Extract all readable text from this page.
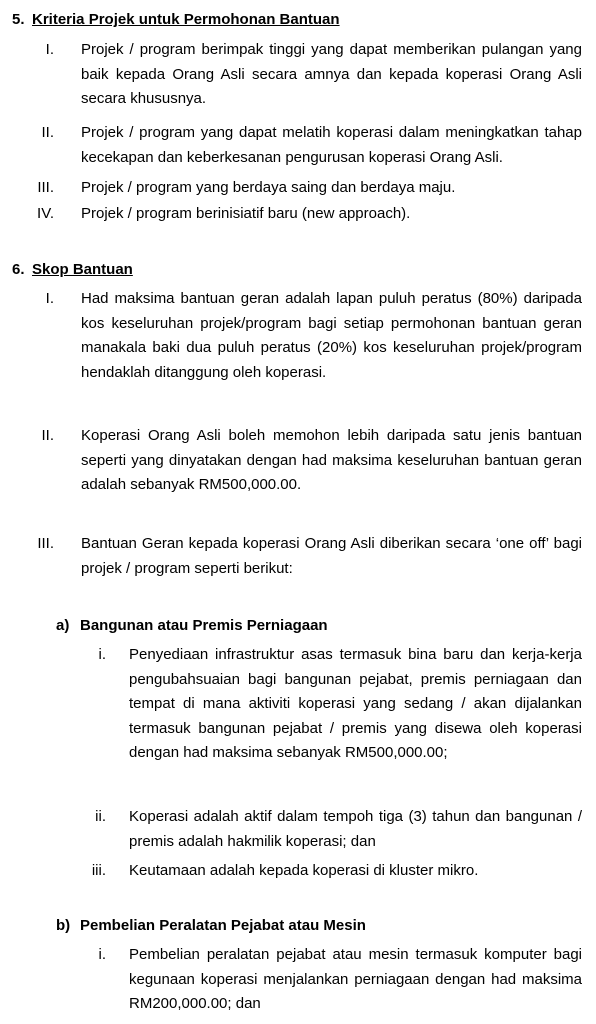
5. Kriteria Projek untuk Permohonan Bantuan
I. Projek / program berimpak tinggi yang dapat memberikan pulangan yang baik kepada Orang Asli secara amnya dan kepada koperasi Orang Asli secara khususnya.

II. Projek / program yang dapat melatih koperasi dalam meningkatkan tahap kecekapan dan keberkesanan pengurusan koperasi Orang Asli.

III. Projek / program yang berdaya saing dan berdaya maju.

IV. Projek / program berinisiatif baru (new approach).

6. Skop Bantuan
I. Had maksima bantuan geran adalah lapan puluh peratus (80%) daripada kos keseluruhan projek/program bagi setiap permohonan bantuan geran manakala baki dua puluh peratus (20%) kos keseluruhan projek/program hendaklah ditanggung oleh koperasi.

II. Koperasi Orang Asli boleh memohon lebih daripada satu jenis bantuan seperti yang dinyatakan dengan had maksima keseluruhan bantuan geran adalah sebanyak RM500,000.00.

III. Bantuan Geran kepada koperasi Orang Asli diberikan secara ‘one off’ bagi projek / program seperti berikut:

a) Bangunan atau Premis Perniagaan
i. Penyediaan infrastruktur asas termasuk bina baru dan kerja-kerja pengubahsuaian bagi bangunan pejabat, premis perniagaan dan tempat di mana aktiviti koperasi yang sedang / akan dijalankan termasuk bangunan pejabat / premis yang disewa oleh koperasi dengan had maksima sebanyak RM500,000.00;

ii. Koperasi adalah aktif dalam tempoh tiga (3) tahun dan bangunan / premis adalah hakmilik koperasi; dan

iii. Keutamaan adalah kepada koperasi di kluster mikro.

b) Pembelian Peralatan Pejabat atau Mesin
i. Pembelian peralatan pejabat atau mesin termasuk komputer bagi kegunaan koperasi menjalankan perniagaan dengan had maksima RM200,000.00; dan
